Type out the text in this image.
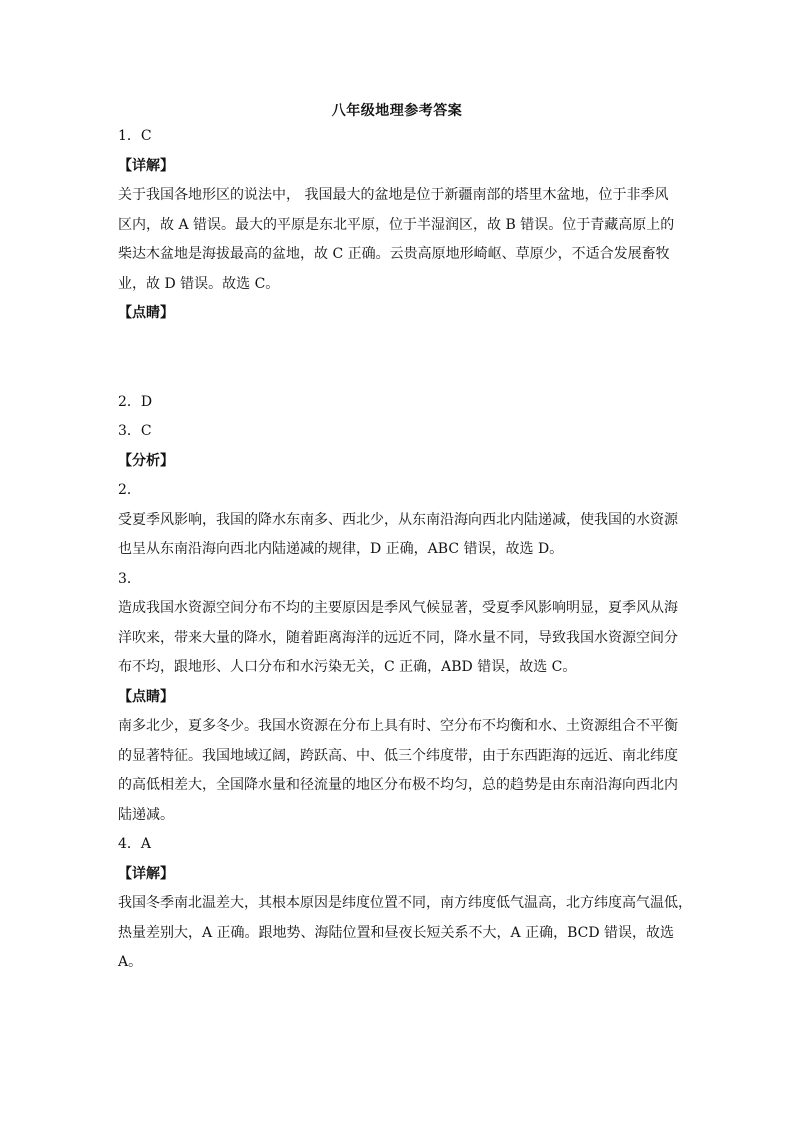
八年级地理参考答案
1．C
【详解】
关于我国各地形区的说法中， 我国最大的盆地是位于新疆南部的塔里木盆地，位于非季风
区内，故 A 错误。最大的平原是东北平原，位于半湿润区，故 B 错误。位于青藏高原上的
柴达木盆地是海拔最高的盆地，故 C 正确。云贵高原地形崎岖、草原少，不适合发展畜牧
业，故 D 错误。故选 C。
【点睛】
2．D
3．C
【分析】
2．
受夏季风影响，我国的降水东南多、西北少，从东南沿海向西北内陆递减，使我国的水资源
也呈从东南沿海向西北内陆递减的规律，D 正确，ABC 错误，故选 D。
3．
造成我国水资源空间分布不均的主要原因是季风气候显著，受夏季风影响明显，夏季风从海
洋吹来，带来大量的降水，随着距离海洋的远近不同，降水量不同，导致我国水资源空间分
布不均，跟地形、人口分布和水污染无关，C 正确，ABD 错误，故选 C。
【点睛】
南多北少，夏多冬少。我国水资源在分布上具有时、空分布不均衡和水、土资源组合不平衡
的显著特征。我国地域辽阔，跨跃高、中、低三个纬度带，由于东西距海的远近、南北纬度
的高低相差大，全国降水量和径流量的地区分布极不均匀，总的趋势是由东南沿海向西北内
陆递减。
4．A
【详解】
我国冬季南北温差大，其根本原因是纬度位置不同，南方纬度低气温高，北方纬度高气温低，
热量差别大，A 正确。跟地势、海陆位置和昼夜长短关系不大，A 正确，BCD 错误，故选
A。
